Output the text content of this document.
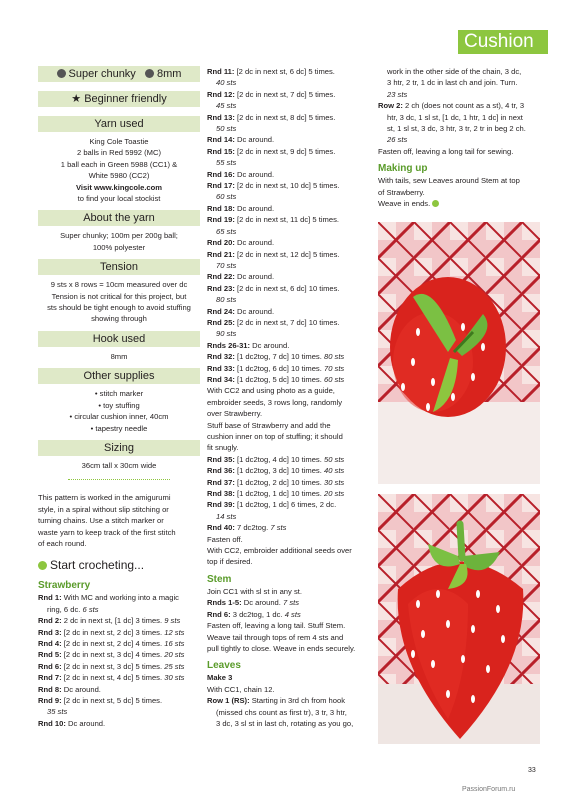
Cushion
Super chunky 8mm
★ Beginner friendly
Yarn used
King Cole Toastie
2 balls in Red 5992 (MC)
1 ball each in Green 5988 (CC1) &
White 5980 (CC2)
Visit www.kingcole.com
to find your local stockist
About the yarn
Super chunky; 100m per 200g ball;
100% polyester
Tension
9 sts x 8 rows = 10cm measured over dc
Tension is not critical for this project, but
sts should be tight enough to avoid stuffing
showing through
Hook used
8mm
Other supplies
• stitch marker
• toy stuffing
• circular cushion inner, 40cm
• tapestry needle
Sizing
36cm tall x 30cm wide
This pattern is worked in the amigurumi
style, in a spiral without slip stitching or
turning chains. Use a stitch marker or
waste yarn to keep track of the first stitch
of each round.
Start crocheting...
Strawberry
Rnd 1: With MC and working into a magic
ring, 6 dc. 6 sts
Rnd 2: 2 dc in next st, [1 dc] 3 times. 9 sts
Rnd 3: [2 dc in next st, 2 dc] 3 times. 12 sts
Rnd 4: [2 dc in next st, 2 dc] 4 times. 16 sts
Rnd 5: [2 dc in next st, 3 dc] 4 times. 20 sts
Rnd 6: [2 dc in next st, 3 dc] 5 times. 25 sts
Rnd 7: [2 dc in next st, 4 dc] 5 times. 30 sts
Rnd 8: Dc around.
Rnd 9: [2 dc in next st, 5 dc] 5 times.
35 sts
Rnd 10: Dc around.
Rnd 11: [2 dc in next st, 6 dc] 5 times.
40 sts
Rnd 12: [2 dc in next st, 7 dc] 5 times.
45 sts
Rnd 13: [2 dc in next st, 8 dc] 5 times.
50 sts
Rnd 14: Dc around.
Rnd 15: [2 dc in next st, 9 dc] 5 times.
55 sts
Rnd 16: Dc around.
Rnd 17: [2 dc in next st, 10 dc] 5 times.
60 sts
Rnd 18: Dc around.
Rnd 19: [2 dc in next st, 11 dc] 5 times.
65 sts
Rnd 20: Dc around.
Rnd 21: [2 dc in next st, 12 dc] 5 times.
70 sts
Rnd 22: Dc around.
Rnd 23: [2 dc in next st, 6 dc] 10 times.
80 sts
Rnd 24: Dc around.
Rnd 25: [2 dc in next st, 7 dc] 10 times.
90 sts
Rnds 26-31: Dc around.
Rnd 32: [1 dc2tog, 7 dc] 10 times. 80 sts
Rnd 33: [1 dc2tog, 6 dc] 10 times. 70 sts
Rnd 34: [1 dc2tog, 5 dc] 10 times. 60 sts
With CC2 and using photo as a guide,
embroider seeds, 3 rows long, randomly
over Strawberry.
Stuff base of Strawberry and add the
cushion inner on top of stuffing; it should
fit snugly.
Rnd 35: [1 dc2tog, 4 dc] 10 times. 50 sts
Rnd 36: [1 dc2tog, 3 dc] 10 times. 40 sts
Rnd 37: [1 dc2tog, 2 dc] 10 times. 30 sts
Rnd 38: [1 dc2tog, 1 dc] 10 times. 20 sts
Rnd 39: [1 dc2tog, 1 dc] 6 times, 2 dc.
14 sts
Rnd 40: 7 dc2tog. 7 sts
Fasten off.
With CC2, embroider additional seeds over
top if desired.
Stem
Join CC1 with sl st in any st.
Rnds 1-5: Dc around. 7 sts
Rnd 6: 3 dc2tog, 1 dc. 4 sts
Fasten off, leaving a long tail. Stuff Stem.
Weave tail through tops of rem 4 sts and
pull tightly to close. Weave in ends securely.
Leaves
Make 3
With CC1, chain 12.
Row 1 (RS): Starting in 3rd ch from hook
(missed chs count as first tr), 3 tr, 3 htr,
3 dc, 3 sl st in last ch, rotating as you go,
work in the other side of the chain, 3 dc,
3 htr, 2 tr, 1 dc in last ch and join. Turn.
23 sts
Row 2: 2 ch (does not count as a st), 4 tr, 3
htr, 3 dc, 1 sl st, [1 dc, 1 htr, 1 dc] in next
st, 1 sl st, 3 dc, 3 htr, 3 tr, 2 tr in beg 2 ch.
26 sts
Fasten off, leaving a long tail for sewing.
Making up
With tails, sew Leaves around Stem at top
of Strawberry.
Weave in ends.
33
PassionForum.ru
